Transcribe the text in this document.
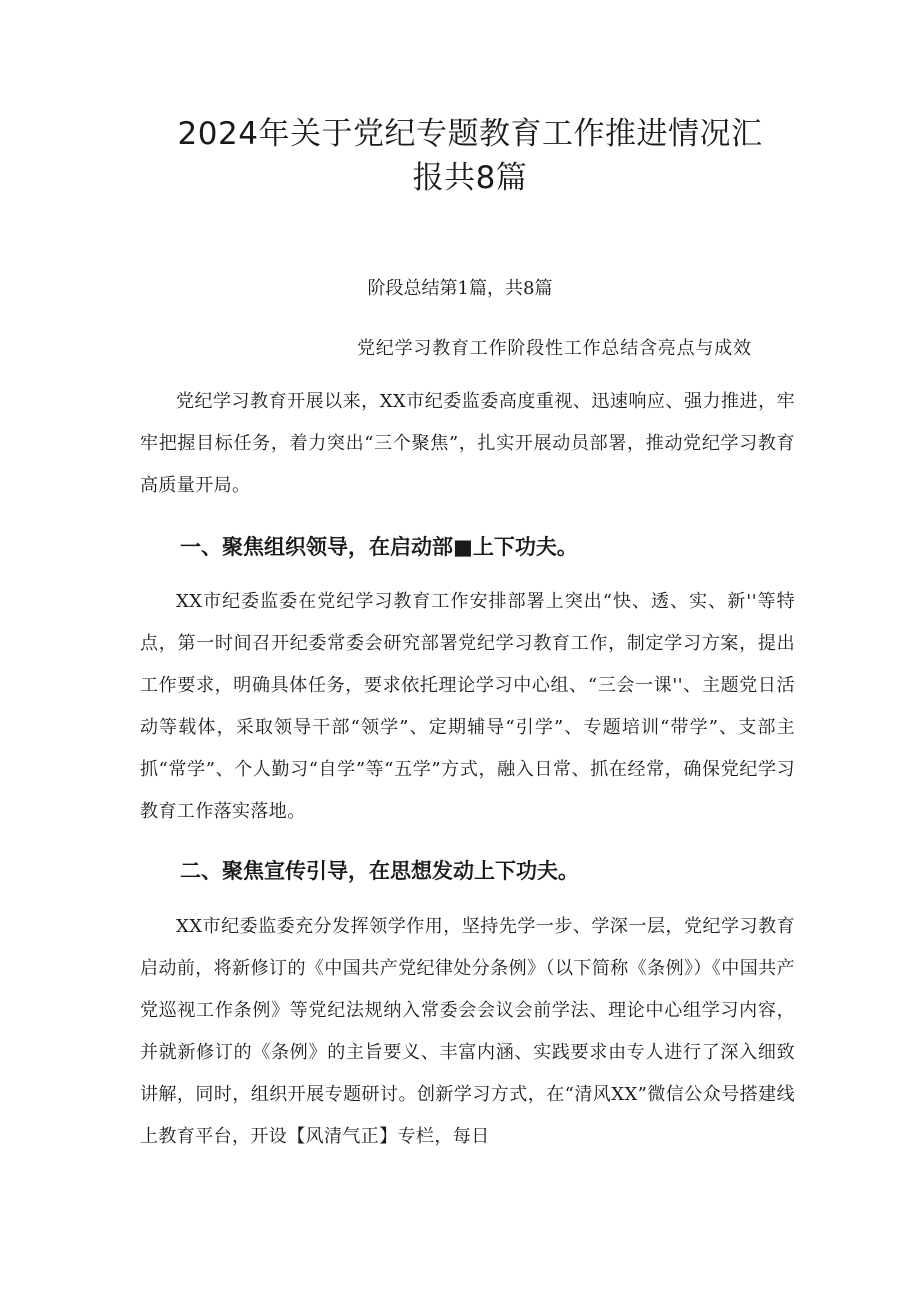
2024年关于党纪专题教育工作推进情况汇
报共8篇
阶段总结第1篇，共8篇
党纪学习教育工作阶段性工作总结含亮点与成效

党纪学习教育开展以来，XX市纪委监委高度重视、迅速响应、强力推进，牢牢把握目标任务，着力突出“三个聚焦”，扎实开展动员部署，推动党纪学习教育高质量开局。

一、聚焦组织领导，在启动部■上下功夫。

XX市纪委监委在党纪学习教育工作安排部署上突出“快、透、实、新''等特点，第一时间召开纪委常委会研究部署党纪学习教育工作，制定学习方案，提出工作要求，明确具体任务，要求依托理论学习中心组、“三会一课''、主题党日活动等载体，采取领导干部“领学”、定期辅导“引学”、专题培训“带学”、支部主抓“常学”、个人勤习“自学”等“五学”方式，融入日常、抓在经常，确保党纪学习教育工作落实落地。

二、聚焦宣传引导，在思想发动上下功夫。

XX市纪委监委充分发挥领学作用，坚持先学一步、学深一层，党纪学习教育启动前，将新修订的《中国共产党纪律处分条例》（以下简称《条例》）《中国共产党巡视工作条例》等党纪法规纳入常委会会议会前学法、理论中心组学习内容，并就新修订的《条例》的主旨要义、丰富内涵、实践要求由专人进行了深入细致讲解，同时，组织开展专题研讨。创新学习方式，在“清风XX”微信公众号搭建线上教育平台，开设【风清气正】专栏，每日
